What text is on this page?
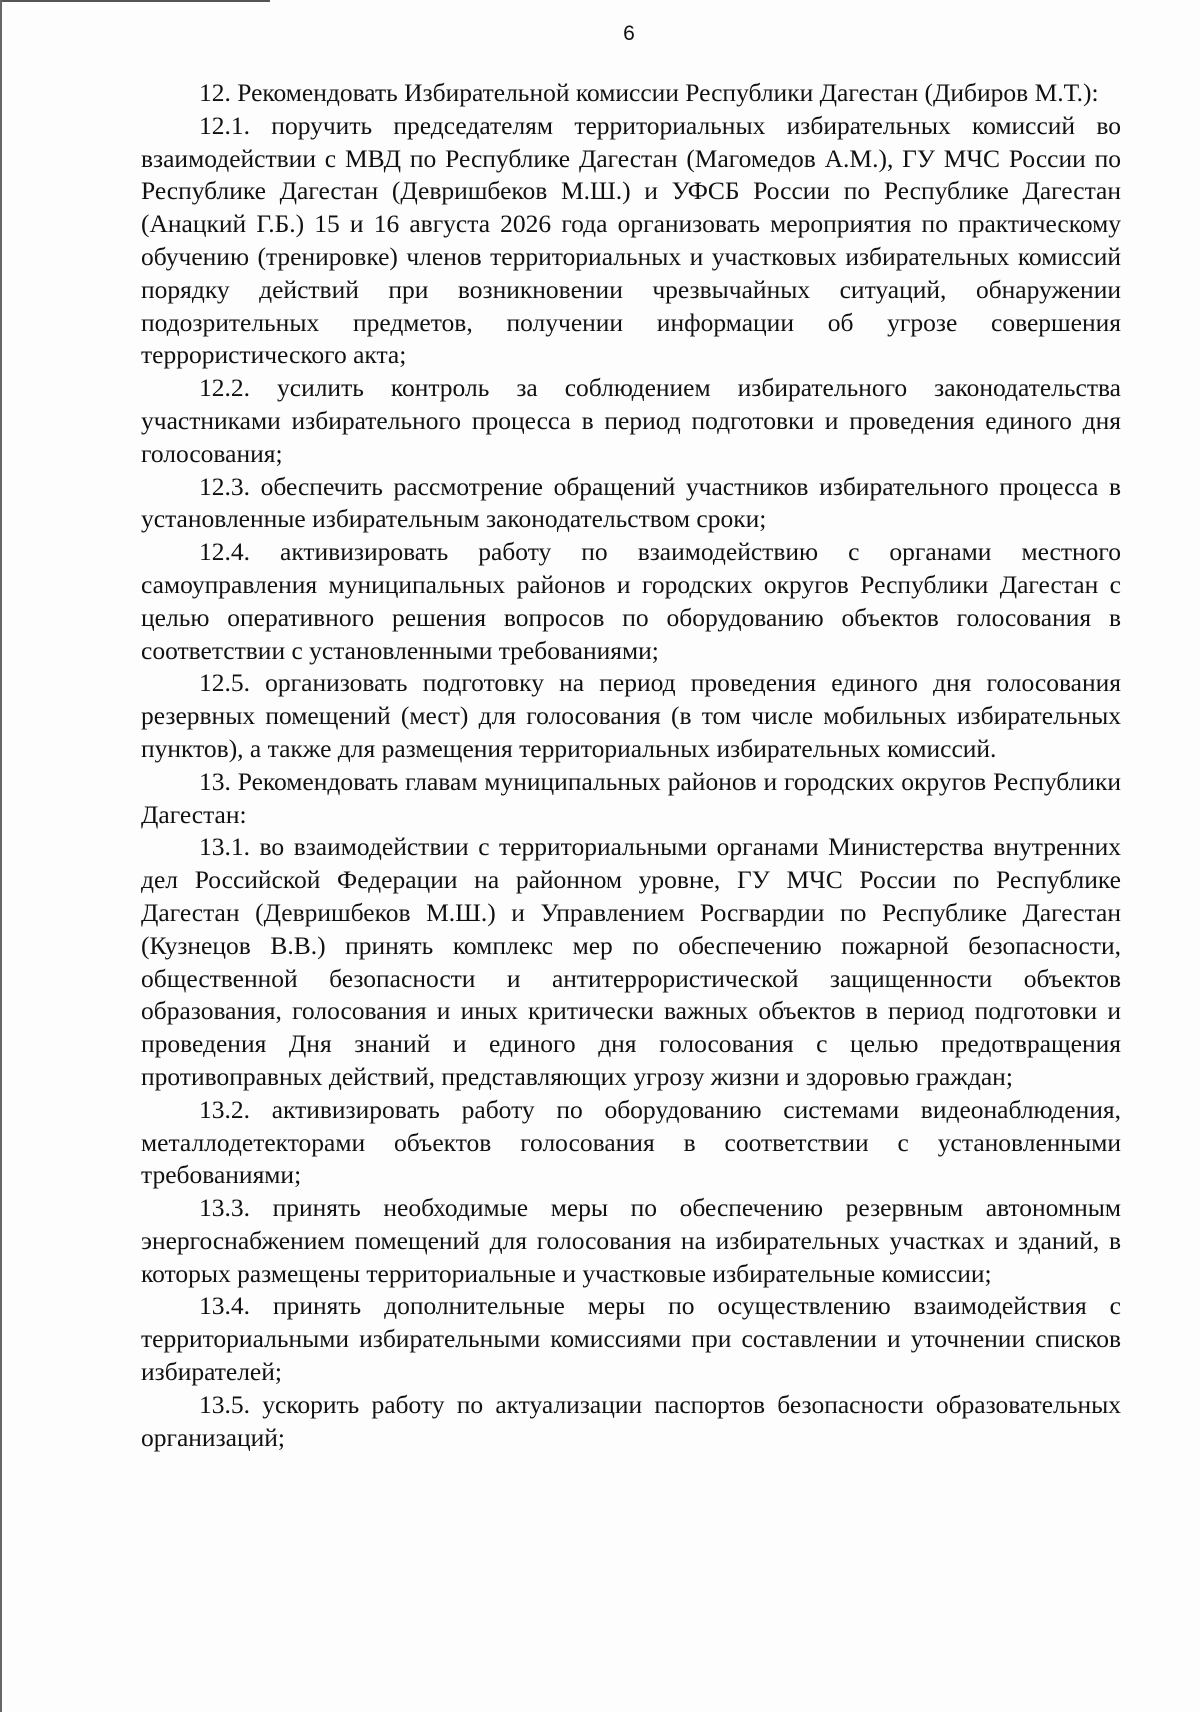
6

12. Рекомендовать Избирательной комиссии Республики Дагестан (Дибиров М.Т.):

12.1. поручить председателям территориальных избирательных комиссий во взаимодействии с МВД по Республике Дагестан (Магомедов А.М.), ГУ МЧС России по Республике Дагестан (Девришбеков М.Ш.) и УФСБ России по Республике Дагестан (Анацкий Г.Б.) 15 и 16 августа 2026 года организовать мероприятия по практическому обучению (тренировке) членов территориальных и участковых избирательных комиссий порядку действий при возникновении чрезвычайных ситуаций, обнаружении подозрительных предметов, получении информации об угрозе совершения террористического акта;

12.2. усилить контроль за соблюдением избирательного законодательства участниками избирательного процесса в период подготовки и проведения единого дня голосования;

12.3. обеспечить рассмотрение обращений участников избирательного процесса в установленные избирательным законодательством сроки;

12.4. активизировать работу по взаимодействию с органами местного самоуправления муниципальных районов и городских округов Республики Дагестан с целью оперативного решения вопросов по оборудованию объектов голосования в соответствии с установленными требованиями;

12.5. организовать подготовку на период проведения единого дня голосования резервных помещений (мест) для голосования (в том числе мобильных избирательных пунктов), а также для размещения территориальных избирательных комиссий.

13. Рекомендовать главам муниципальных районов и городских округов Республики Дагестан:

13.1. во взаимодействии с территориальными органами Министерства внутренних дел Российской Федерации на районном уровне, ГУ МЧС России по Республике Дагестан (Девришбеков М.Ш.) и Управлением Росгвардии по Республике Дагестан (Кузнецов В.В.) принять комплекс мер по обеспечению пожарной безопасности, общественной безопасности и антитеррористической защищенности объектов образования, голосования и иных критически важных объектов в период подготовки и проведения Дня знаний и единого дня голосования с целью предотвращения противоправных действий, представляющих угрозу жизни и здоровью граждан;

13.2. активизировать работу по оборудованию системами видеонаблюдения, металлодетекторами объектов голосования в соответствии с установленными требованиями;

13.3. принять необходимые меры по обеспечению резервным автономным энергоснабжением помещений для голосования на избирательных участках и зданий, в которых размещены территориальные и участковые избирательные комиссии;

13.4. принять дополнительные меры по осуществлению взаимодействия с территориальными избирательными комиссиями при составлении и уточнении списков избирателей;

13.5. ускорить работу по актуализации паспортов безопасности образовательных организаций;
